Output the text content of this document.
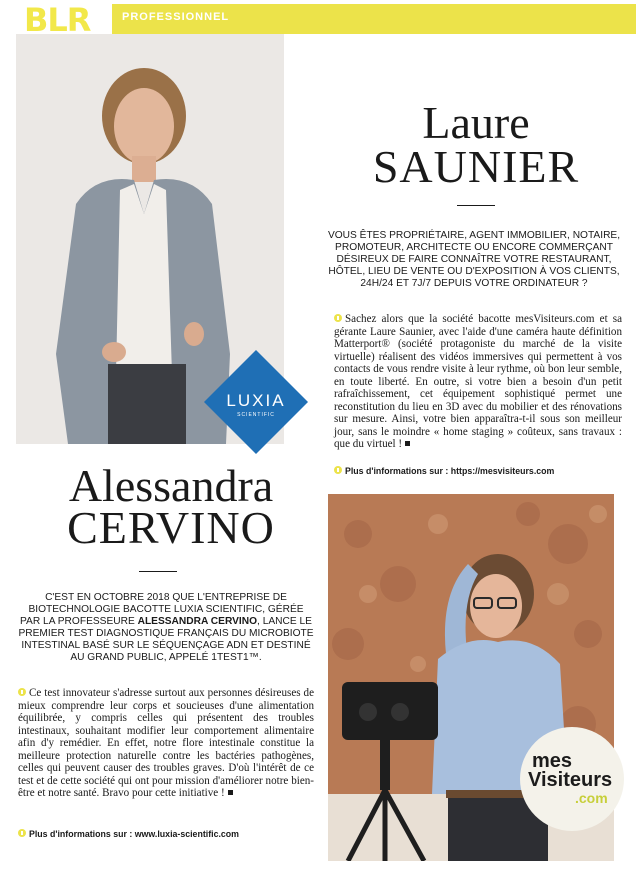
BLR	PROFESSIONNEL
LUXIA
SCIENTIFIC
Laure
SAUNIER
VOUS ÊTES PROPRIÉTAIRE, AGENT IMMOBILIER, NOTAIRE, PROMOTEUR, ARCHITECTE OU ENCORE COMMERÇANT DÉSIREUX DE FAIRE CONNAÎTRE VOTRE RESTAURANT, HÔTEL, LIEU DE VENTE OU D'EXPOSITION À VOS CLIENTS, 24H/24 ET 7J/7 DEPUIS VOTRE ORDINATEUR ?
Sachez alors que la société bacotte mesVisiteurs.com et sa gérante Laure Saunier, avec l'aide d'une caméra haute définition Matterport® (société protagoniste du marché de la visite virtuelle) réalisent des vidéos immersives qui permettent à vos contacts de vous rendre visite à leur rythme, où bon leur semble, en toute liberté. En outre, si votre bien a besoin d'un petit rafraîchissement, cet équipement sophistiqué permet une reconstitution du lieu en 3D avec du mobilier et des rénovations sur mesure. Ainsi, votre bien apparaîtra-t-il sous son meilleur jour, sans le moindre « home staging » coûteux, sans travaux : que du virtuel !
Plus d'informations sur : https://mesvisiteurs.com
Alessandra
CERVINO
C'EST EN OCTOBRE 2018 QUE L'ENTREPRISE DE BIOTECHNOLOGIE BACOTTE LUXIA SCIENTIFIC, GÉRÉE PAR LA PROFESSEURE ALESSANDRA CERVINO, LANCE LE PREMIER TEST DIAGNOSTIQUE FRANÇAIS DU MICROBIOTE INTESTINAL BASÉ SUR LE SÉQUENÇAGE ADN ET DESTINÉ AU GRAND PUBLIC, APPELÉ 1TEST1™.
Ce test innovateur s'adresse surtout aux personnes désireuses de mieux comprendre leur corps et soucieuses d'une alimentation équilibrée, y compris celles qui présentent des troubles intestinaux, souhaitant modifier leur comportement alimentaire afin d'y remédier. En effet, notre flore intestinale constitue la meilleure protection naturelle contre les bactéries pathogènes, celles qui peuvent causer des troubles graves. D'où l'intérêt de ce test et de cette société qui ont pour mission d'améliorer notre bien-être et notre santé. Bravo pour cette initiative !
Plus d'informations sur : www.luxia-scientific.com
mes
Visiteurs
.com
